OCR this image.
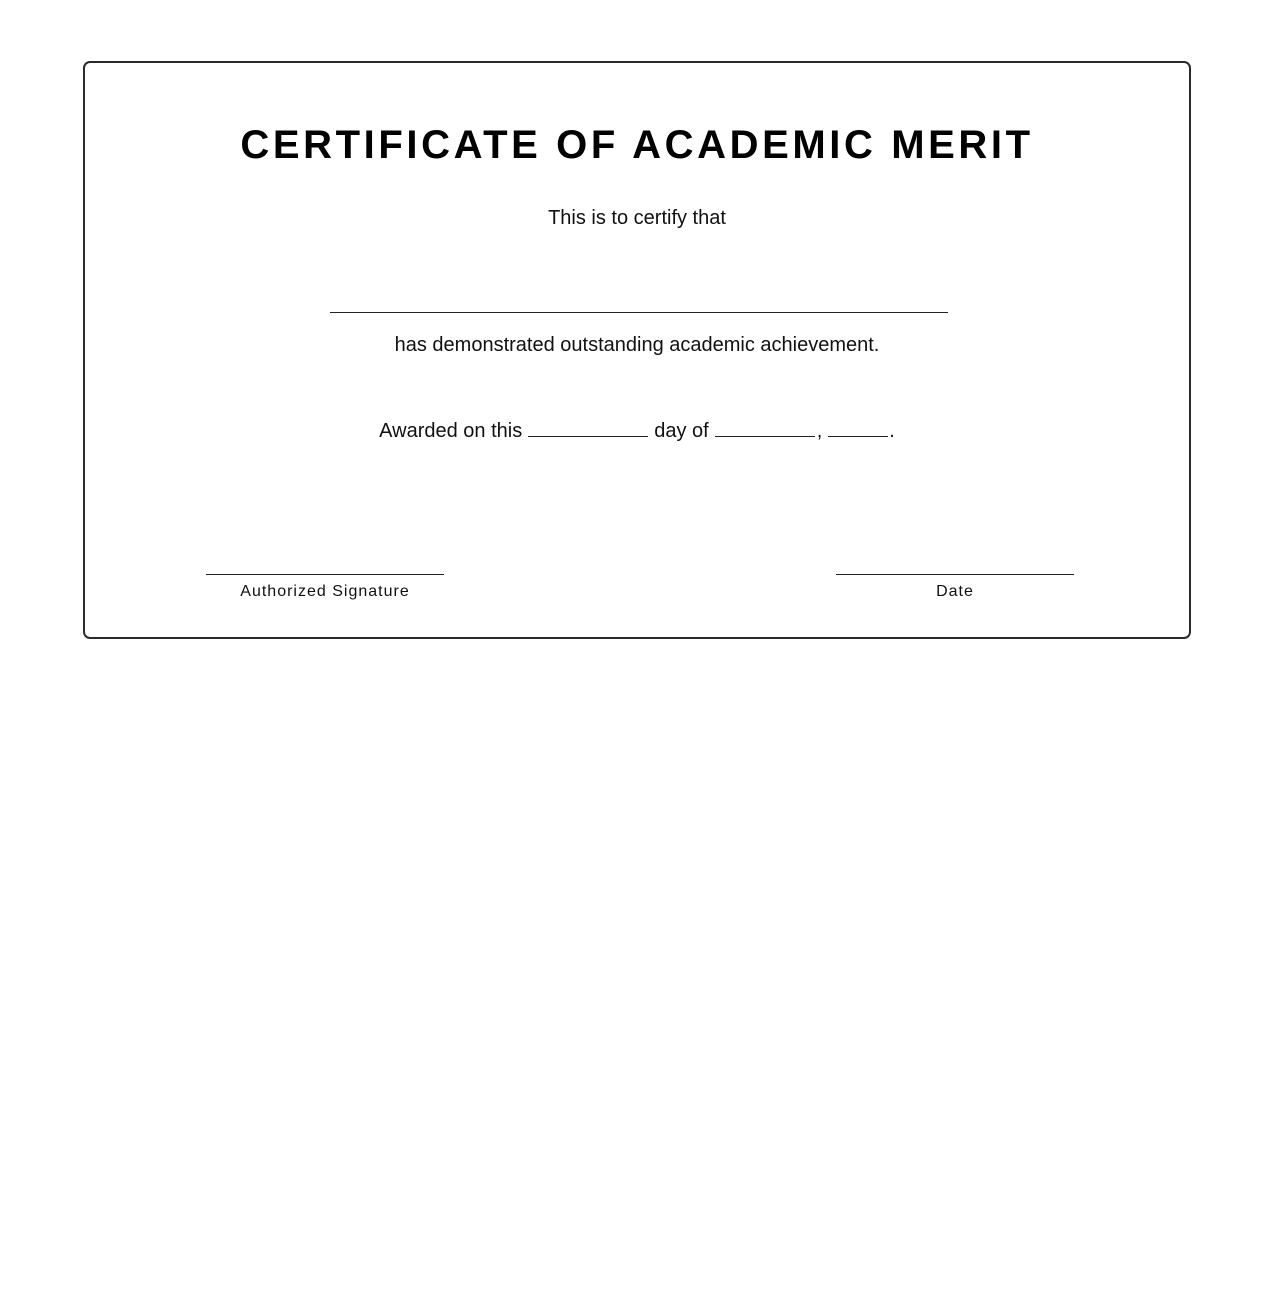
CERTIFICATE OF ACADEMIC MERIT
This is to certify that
has demonstrated outstanding academic achievement.
Awarded on this	day of	,	.
Authorized Signature	Date
